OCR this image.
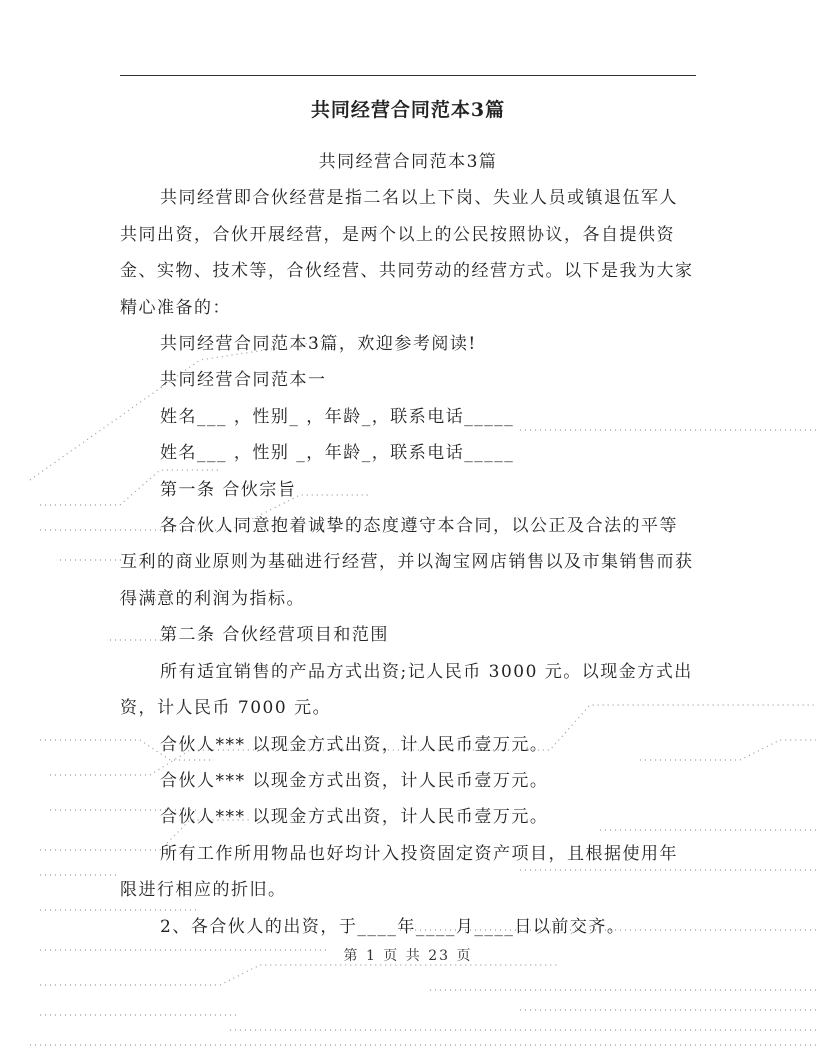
共同经营合同范本3篇

共同经营合同范本3篇

共同经营即合伙经营是指二名以上下岗、失业人员或镇退伍军人共同出资，合伙开展经营，是两个以上的公民按照协议，各自提供资金、实物、技术等，合伙经营、共同劳动的经营方式。以下是我为大家精心准备的：

共同经营合同范本3篇，欢迎参考阅读!

共同经营合同范本一

姓名___ ，性别_ ，年龄_，联系电话_____

姓名___ ，性别 _，年龄_，联系电话_____

第一条 合伙宗旨

各合伙人同意抱着诚挚的态度遵守本合同，以公正及合法的平等互利的商业原则为基础进行经营，并以淘宝网店销售以及市集销售而获得满意的利润为指标。

第二条 合伙经营项目和范围

所有适宜销售的产品方式出资;记人民币 3000 元。以现金方式出资，计人民币 7000 元。

合伙人*** 以现金方式出资，计人民币壹万元。

合伙人*** 以现金方式出资，计人民币壹万元。

合伙人*** 以现金方式出资，计人民币壹万元。

所有工作所用物品也好均计入投资固定资产项目，且根据使用年限进行相应的折旧。

2、各合伙人的出资，于____年____月____日以前交齐。

第 1 页 共 23 页
